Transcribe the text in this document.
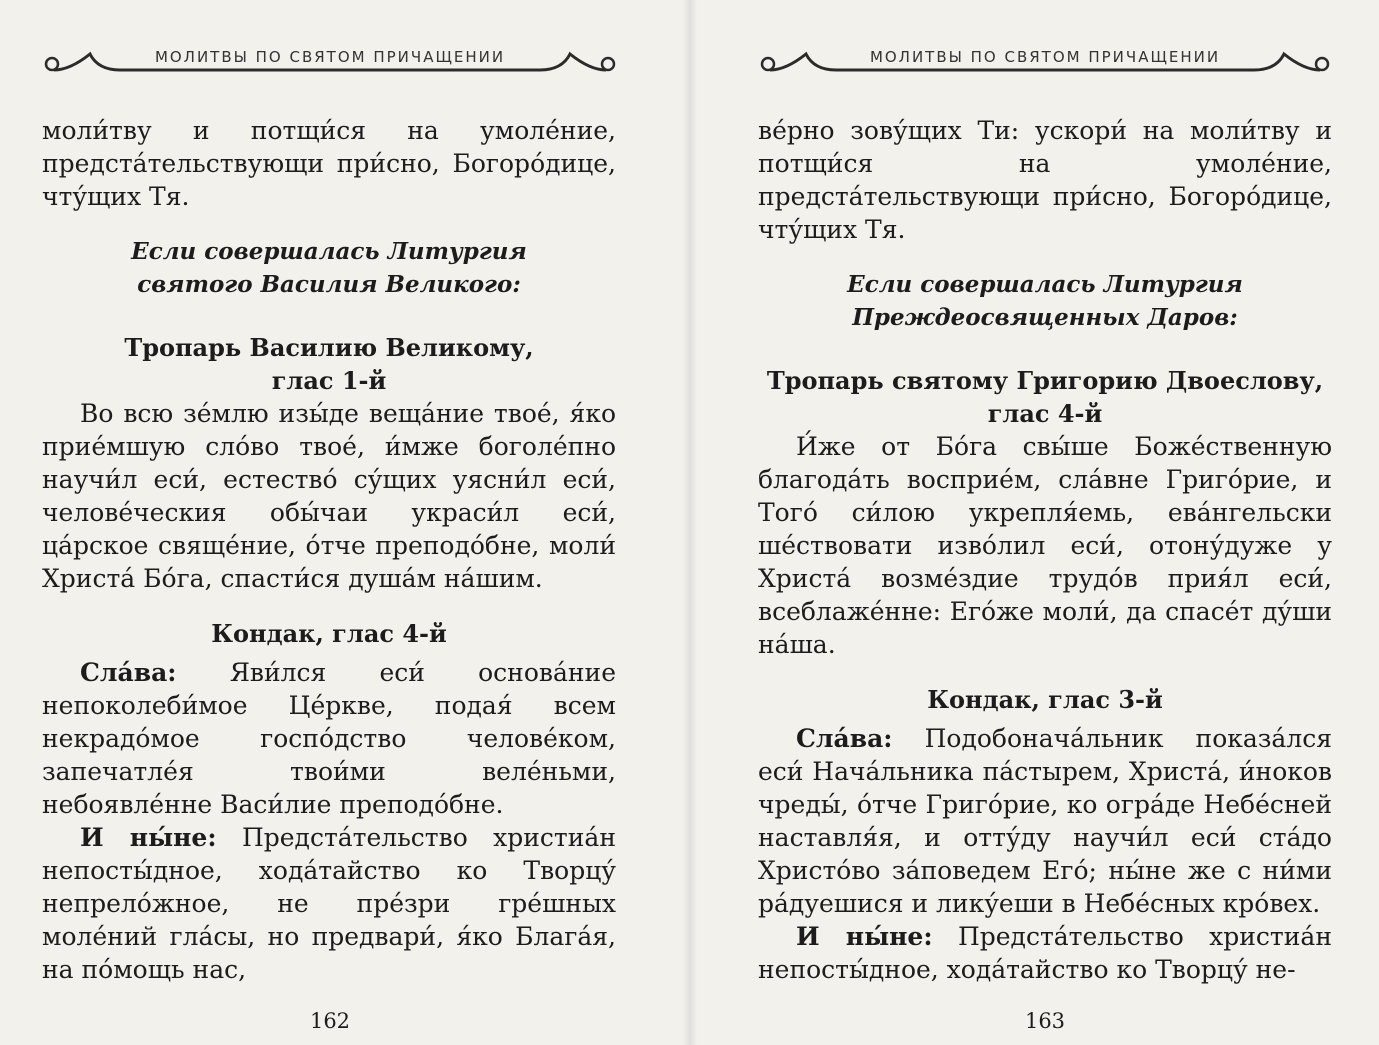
МОЛИТВЫ ПО СВЯТОМ ПРИЧАЩЕНИИ

моли́тву и потщи́ся на умоле́ние, предста́тельствующи при́сно, Богоро́дице, чту́щих Тя.

Если совершалась Литургия
святого Василия Великого:
Тропарь Василию Великому,
глас 1-й

Во всю зе́млю изы́де веща́ние твое́, я́ко прие́мшую сло́во твое́, и́мже боголе́пно научи́л еси́, естество́ су́щих уясни́л еси́, челове́ческия обы́чаи украси́л еси́, ца́рское свяще́ние, о́тче преподо́бне, моли́ Христа́ Бо́га, спасти́ся душа́м на́шим.

Кондак, глас 4-й

Сла́ва: Яви́лся еси́ основа́ние непоколеби́мое Це́ркве, подая́ всем некрадо́мое госпо́дство челове́ком, запечатле́я твои́ми веле́ньми, небоявле́нне Васи́лие преподо́бне.

И ны́не: Предста́тельство христиа́н непосты́дное, хода́тайство ко Творцу́ непрело́жное, не пре́зри гре́шных моле́ний гла́сы, но предвари́, я́ко Блага́я, на по́мощь нас,

162
МОЛИТВЫ ПО СВЯТОМ ПРИЧАЩЕНИИ

ве́рно зову́щих Ти: ускори́ на моли́тву и потщи́ся на умоле́ние, предста́тельствующи при́сно, Богоро́дице, чту́щих Тя.

Если совершалась Литургия
Преждеосвященных Даров:
Тропарь святому Григорию Двоеслову,
глас 4-й

И́же от Бо́га свы́ше Боже́ственную благода́ть восприе́м, сла́вне Григо́рие, и Того́ си́лою укрепля́емь, ева́нгельски ше́ствовати изво́лил еси́, отону́дуже у Христа́ возме́здие трудо́в прия́л еси́, всеблаже́нне: Его́же моли́, да спасе́т ду́ши на́ша.

Кондак, глас 3-й

Сла́ва: Подобонача́льник показа́лся еси́ Нача́льника па́стырем, Христа́, и́ноков чреды́, о́тче Григо́рие, ко огра́де Небе́сней наставля́я, и отту́ду научи́л еси́ ста́до Христо́во за́поведем Его́; ны́не же с ни́ми ра́дуешися и лику́еши в Небе́сных кро́вех.

И ны́не: Предста́тельство христиа́н непосты́дное, хода́тайство ко Творцу́ не-

163
